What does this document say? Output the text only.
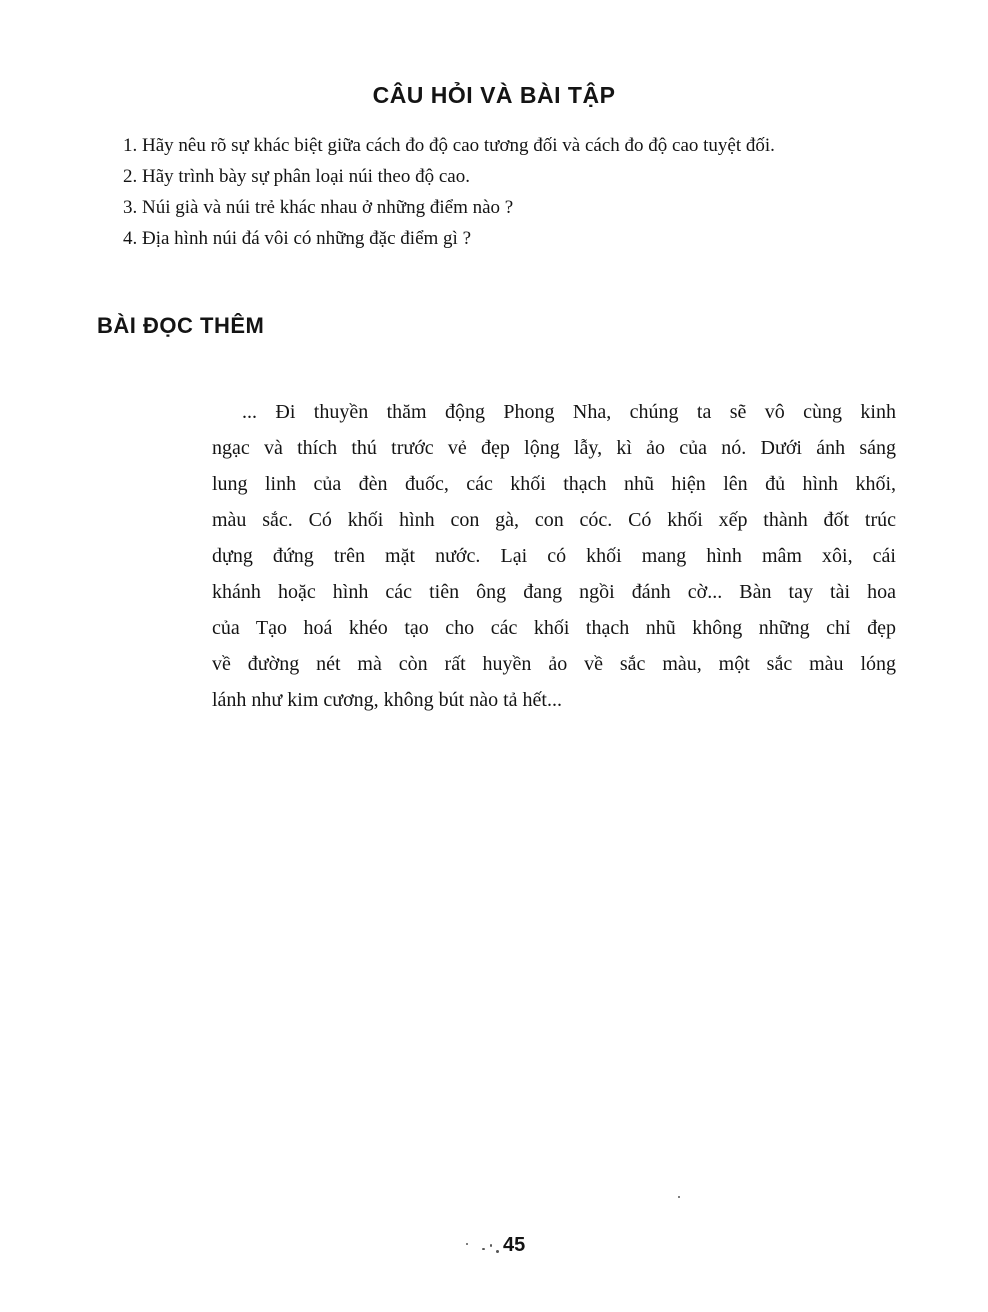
CÂU HỎI VÀ BÀI TẬP
1. Hãy nêu rõ sự khác biệt giữa cách đo độ cao tương đối và cách đo độ cao tuyệt đối.
2. Hãy trình bày sự phân loại núi theo độ cao.
3. Núi già và núi trẻ khác nhau ở những điểm nào ?
4. Địa hình núi đá vôi có những đặc điểm gì ?
BÀI ĐỌC THÊM

... Đi thuyền thăm động Phong Nha, chúng ta sẽ vô cùng kinh
ngạc và thích thú trước vẻ đẹp lộng lẫy, kì ảo của nó. Dưới ánh sáng
lung linh của đèn đuốc, các khối thạch nhũ hiện lên đủ hình khối,
màu sắc. Có khối hình con gà, con cóc. Có khối xếp thành đốt trúc
dựng đứng trên mặt nước. Lại có khối mang hình mâm xôi, cái
khánh hoặc hình các tiên ông đang ngồi đánh cờ... Bàn tay tài hoa
của Tạo hoá khéo tạo cho các khối thạch nhũ không những chỉ đẹp
về đường nét mà còn rất huyền ảo về sắc màu, một sắc màu lóng
lánh như kim cương, không bút nào tả hết...

45
